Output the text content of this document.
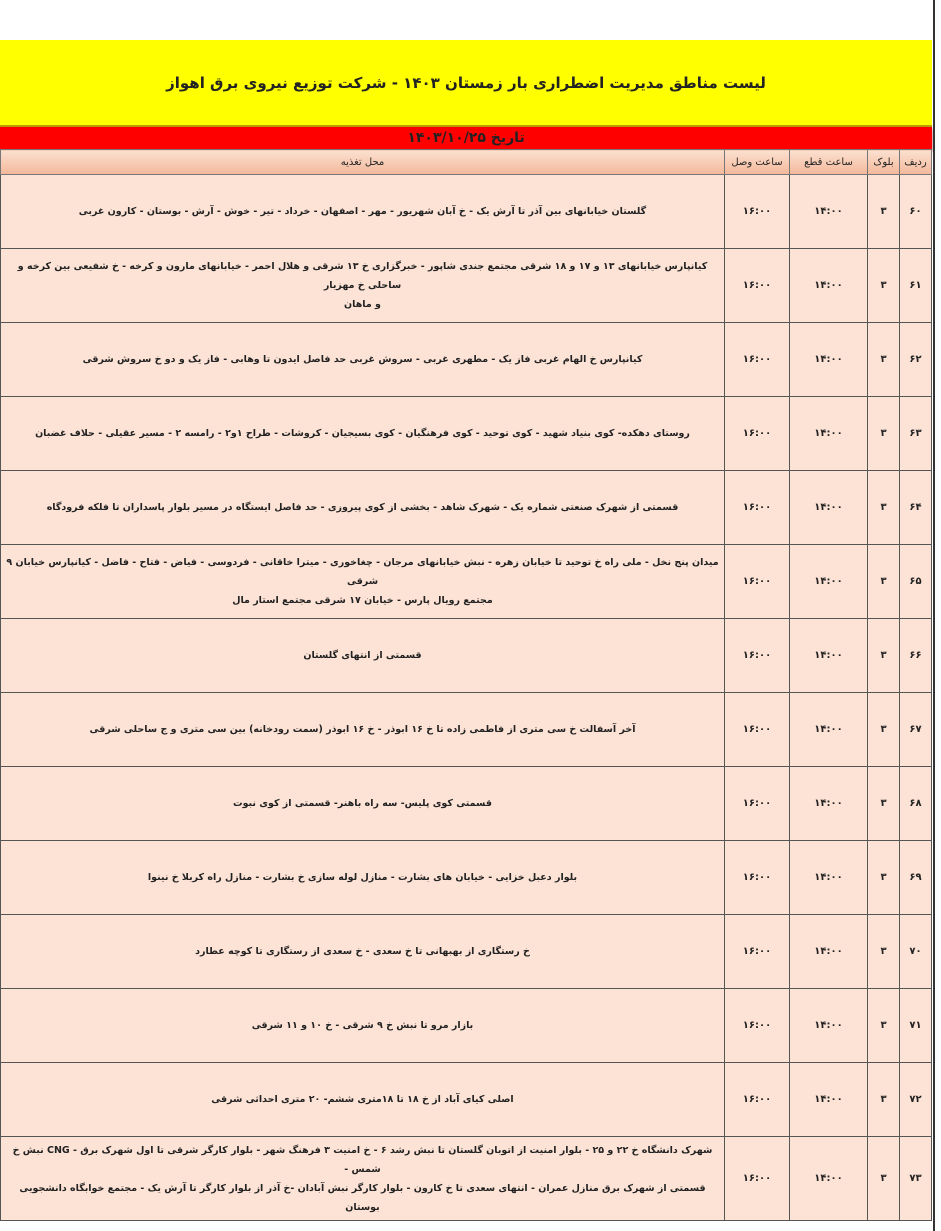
لیست مناطق مدیریت اضطراری بار زمستان ۱۴۰۳ - شرکت توزیع نیروی برق اهواز
تاریخ ۱۴۰۳/۱۰/۲۵
ردیف	بلوک	ساعت قطع	ساعت وصل	محل تغذیه
۶۰	۳	۱۴:۰۰	۱۶:۰۰	گلستان خیابانهای بین آذر تا آرش یک - خ آبان شهریور - مهر - اصفهان - خرداد - تیر - خوش - آرش - بوستان - کارون غربی

۶۱	۳	۱۴:۰۰	۱۶:۰۰	کیانپارس خیابانهای ۱۳ و ۱۷ و ۱۸ شرقی مجتمع جندی شاپور - خبرگزاری خ ۱۳ شرقی و هلال احمر - خیابانهای مارون و کرخه - خ شفیعی بین کرخه و ساحلی خ مهزیار
و ماهان

۶۲	۳	۱۴:۰۰	۱۶:۰۰	کیانپارس خ الهام غربی فاز یک - مطهری غربی - سروش غربی حد فاصل ایدون تا وهابی - فاز یک و دو خ سروش شرقی

۶۳	۳	۱۴:۰۰	۱۶:۰۰	روستای دهکده- کوی بنیاد شهید - کوی توحید - کوی فرهنگیان - کوی بسیجیان - کروشات - طراح ۱و۲ - رامسه ۲ - مسیر عقیلی - حلاف غضبان

۶۴	۳	۱۴:۰۰	۱۶:۰۰	قسمتی از شهرک صنعتی شماره یک - شهرک شاهد - بخشی از کوی پیروزی - حد فاصل ایستگاه در مسیر بلوار پاسداران تا فلکه فرودگاه

۶۵	۳	۱۴:۰۰	۱۶:۰۰	میدان پنج نخل - ملی راه خ توحید تا خیابان زهره - نبش خیابانهای مرجان - چغاخوری - میترا خاقانی - فردوسی - فیاض - فتاح - فاضل - کیانپارس خیابان ۹ شرقی
مجتمع رویال پارس - خیابان ۱۷ شرقی مجتمع استار مال

۶۶	۳	۱۴:۰۰	۱۶:۰۰	قسمتی از انتهای گلستان

۶۷	۳	۱۴:۰۰	۱۶:۰۰	آخر آسفالت خ سی متری از فاطمی زاده تا خ ۱۶ ابوذر - خ ۱۶ ابوذر (سمت رودخانه) بین سی متری و ج ساحلی شرقی

۶۸	۳	۱۴:۰۰	۱۶:۰۰	قسمتی کوی پلیس- سه راه باهنر- قسمتی از کوی نبوت

۶۹	۳	۱۴:۰۰	۱۶:۰۰	بلوار دعبل خزایی - خیابان های بشارت - منازل لوله سازی خ بشارت - منازل راه کربلا خ نینوا

۷۰	۳	۱۴:۰۰	۱۶:۰۰	خ رستگاری از بهبهانی تا خ سعدی - خ سعدی از رستگاری تا کوچه عطارد

۷۱	۳	۱۴:۰۰	۱۶:۰۰	بازار مرو تا نبش خ ۹ شرقی - خ ۱۰ و ۱۱ شرقی

۷۲	۳	۱۴:۰۰	۱۶:۰۰	اصلی کیای آباد از خ ۱۸ تا ۱۸متری ششم- ۲۰ متری احداثی شرقی

۷۳	۳	۱۴:۰۰	۱۶:۰۰	شهرک دانشگاه خ ۲۲ و ۲۵ - بلوار امنیت از اتوبان گلستان تا نبش رشد ۶ - خ امنیت ۳ فرهنگ شهر - بلوار کارگر شرقی تا اول شهرک برق - CNG نبش خ شمس -
قسمتی از شهرک برق منازل عمران - انتهای سعدی تا خ کارون - بلوار کارگر نبش آبادان -خ آذر از بلوار کارگر تا آرش یک - مجتمع خوابگاه دانشجویی بوستان
